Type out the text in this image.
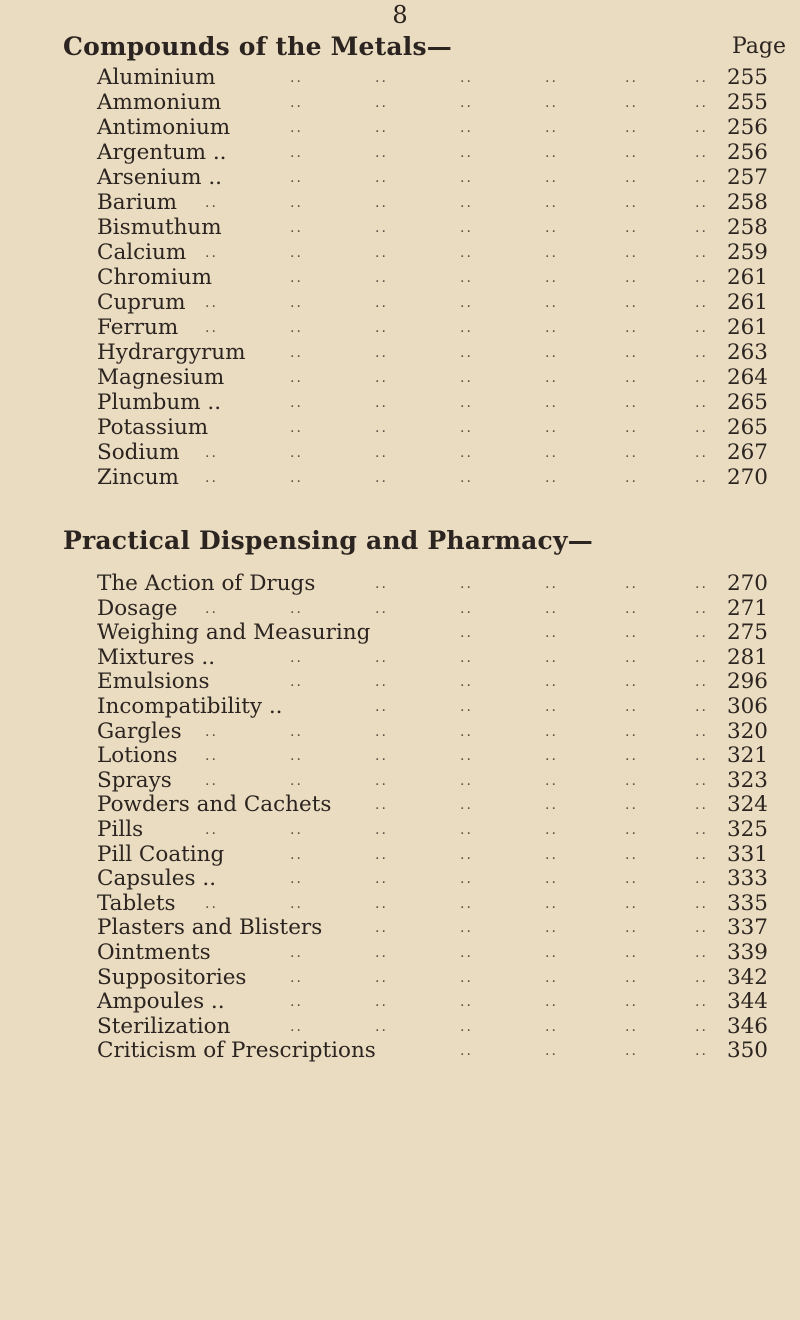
8
Compounds of the Metals—	Page
..	..	..	..	..	..
Aluminium	255
..	..	..	..	..	..
Ammonium	255
..	..	..	..	..	..
Antimonium	256
..	..	..	..	..	..
Argentum ..	256
..	..	..	..	..	..
Arsenium ..	257
..	..	..	..	..	..	..
Barium	258
..	..	..	..	..	..
Bismuthum	258
..	..	..	..	..	..	..
Calcium	259
..	..	..	..	..	..
Chromium	261
..	..	..	..	..	..	..
Cuprum	261
..	..	..	..	..	..	..
Ferrum	261
..	..	..	..	..	..
Hydrargyrum	263
..	..	..	..	..	..
Magnesium	264
..	..	..	..	..	..
Plumbum ..	265
..	..	..	..	..	..
Potassium	265
..	..	..	..	..	..	..
Sodium	267
..	..	..	..	..	..	..
Zincum	270
Practical Dispensing and Pharmacy—
..	..	..	..	..
The Action of Drugs	270
..	..	..	..	..	..	..
Dosage	271
..	..	..	..
Weighing and Measuring	275
..	..	..	..	..	..
Mixtures ..	281
..	..	..	..	..	..
Emulsions	296
..	..	..	..	..
Incompatibility ..	306
..	..	..	..	..	..	..
Gargles	320
..	..	..	..	..	..	..
Lotions	321
..	..	..	..	..	..	..
Sprays	323
..	..	..	..	..
Powders and Cachets	324
..	..	..	..	..	..	..
Pills	325
..	..	..	..	..	..
Pill Coating	331
..	..	..	..	..	..
Capsules ..	333
..	..	..	..	..	..	..
Tablets	335
..	..	..	..	..
Plasters and Blisters	337
..	..	..	..	..	..
Ointments	339
..	..	..	..	..	..
Suppositories	342
..	..	..	..	..	..
Ampoules ..	344
..	..	..	..	..	..
Sterilization	346
..	..	..	..
Criticism of Prescriptions	350
